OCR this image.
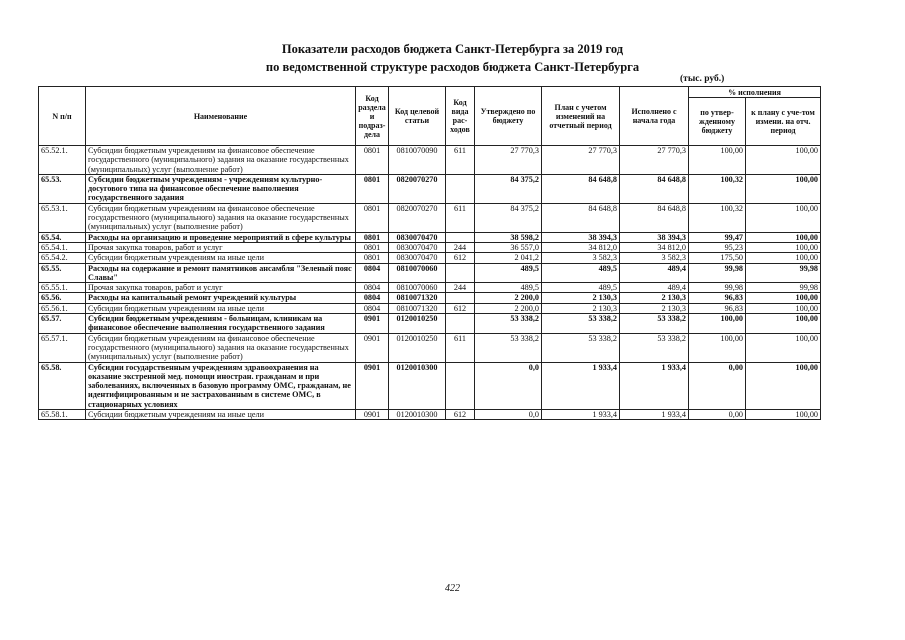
Показатели расходов бюджета Санкт-Петербурга за 2019 год
по ведомственной структуре расходов бюджета Санкт-Петербурга
(тыс. руб.)
N п/п	Наименование	Код раздела и подраз-дела	Код целевой статьи	Код вида рас-ходов	Утверждено по бюджету	План с учетом изменений на отчетный период	Исполнено с начала года	% исполнения	
								по утвер-жденному бюджету	к плану с уче-том измени. на отч. период
65.52.1.	Субсидии бюджетным учреждениям на финансовое обеспечение государственного (муниципального) задания на оказание государственных (муниципальных) услуг (выполнение работ)	0801	0810070090	611	27 770,3	27 770,3	27 770,3	100,00	100,00
65.53.	Субсидии бюджетным учреждениям - учреждениям культурно-досугового типа на финансовое обеспечение выполнения государственного задания	0801	0820070270		84 375,2	84 648,8	84 648,8	100,32	100,00
65.53.1.	Субсидии бюджетным учреждениям на финансовое обеспечение государственного (муниципального) задания на оказание государственных (муниципальных) услуг (выполнение работ)	0801	0820070270	611	84 375,2	84 648,8	84 648,8	100,32	100,00
65.54.	Расходы на организацию и проведение мероприятий в сфере культуры	0801	0830070470		38 598,2	38 394,3	38 394,3	99,47	100,00
65.54.1.	Прочая закупка товаров, работ и услуг	0801	0830070470	244	36 557,0	34 812,0	34 812,0	95,23	100,00
65.54.2.	Субсидии бюджетным учреждениям на иные цели	0801	0830070470	612	2 041,2	3 582,3	3 582,3	175,50	100,00
65.55.	Расходы на содержание и ремонт памятников ансамбля "Зеленый пояс Славы"	0804	0810070060		489,5	489,5	489,4	99,98	99,98
65.55.1.	Прочая закупка товаров, работ и услуг	0804	0810070060	244	489,5	489,5	489,4	99,98	99,98
65.56.	Расходы на капитальный ремонт учреждений культуры	0804	0810071320		2 200,0	2 130,3	2 130,3	96,83	100,00
65.56.1.	Субсидии бюджетным учреждениям на иные цели	0804	0810071320	612	2 200,0	2 130,3	2 130,3	96,83	100,00
65.57.	Субсидии бюджетным учреждениям - больницам, клиникам на финансовое обеспечение выполнения государственного задания	0901	0120010250		53 338,2	53 338,2	53 338,2	100,00	100,00
65.57.1.	Субсидии бюджетным учреждениям на финансовое обеспечение государственного (муниципального) задания на оказание государственных (муниципальных) услуг (выполнение работ)	0901	0120010250	611	53 338,2	53 338,2	53 338,2	100,00	100,00
65.58.	Субсидии государственным учреждениям здравоохранения на оказание экстренной мед. помощи иностран. гражданам и при заболеваниях, включенных в базовую программу ОМС, гражданам, не идентифицированным и не застрахованным в системе ОМС, в стационарных условиях	0901	0120010300		0,0	1 933,4	1 933,4	0,00	100,00
65.58.1.	Субсидии бюджетным учреждениям на иные цели	0901	0120010300	612	0,0	1 933,4	1 933,4	0,00	100,00
422
